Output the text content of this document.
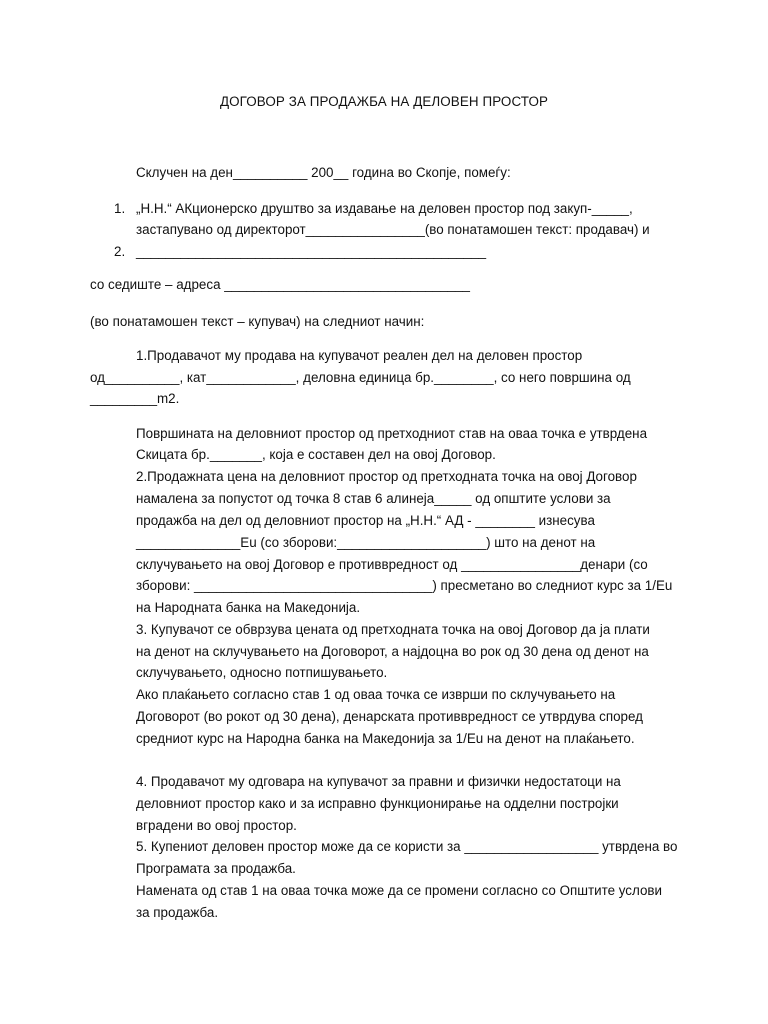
ДОГОВОР ЗА ПРОДАЖБА НА ДЕЛОВЕН ПРОСТОР
Склучен на ден__________ 200__ година во Скопје, помеѓу:
1. „Н.Н.“ АКционерско друштво за издавање на деловен простор под закуп-_____,
застапувано од директорот________________(во понатамошен текст: продавач) и
2. _______________________________________________
со седиште – адреса _________________________________
(во понатамошен текст – купувач) на следниот начин:
1.Продавачот му продава на купувачот реален дел на деловен простор
од__________, кат____________, деловна единица бр.________, со него површина од
_________m2.
Површината на деловниот простор од претходниот став на оваа точка е утврдена
Скицата бр._______, која е составен дел на овој Договор.
2.Продажната цена на деловниот простор од претходната точка на овој Договор
намалена за попустот од точка 8 став 6 алинеја_____ од општите услови за
продажба на дел од деловниот простор на „Н.Н.“ АД - ________ изнесува
______________Eu (со зборови:____________________) што на денот на
склучувањето на овој Договор е противвредност од ________________денари (со
зборови: ________________________________) пресметано во следниот курс за 1/Eu
на Народната банка на Македонија.
3. Купувачот се обврзува цената од претходната точка на овој Договор да ја плати
на денот на склучувањето на Договорот, а најдоцна во рок од 30 дена од денот на
склучувањето, односно потпишувањето.
Ако плаќањето согласно став 1 од оваа точка се изврши по склучувањето на
Договорот (во рокот од 30 дена), денарската противвредност се утврдува според
средниот курс на Народна банка на Македонија за 1/Eu на денот на плаќањето.
4. Продавачот му одговара на купувачот за правни и физички недостатоци на
деловниот простор како и за исправно функционирање на одделни постројки
вградени во овој простор.
5. Купениот деловен простор може да се користи за __________________ утврдена во
Програмата за продажба.
Намената од став 1 на оваа точка може да се промени согласно со Општите услови
за продажба.
